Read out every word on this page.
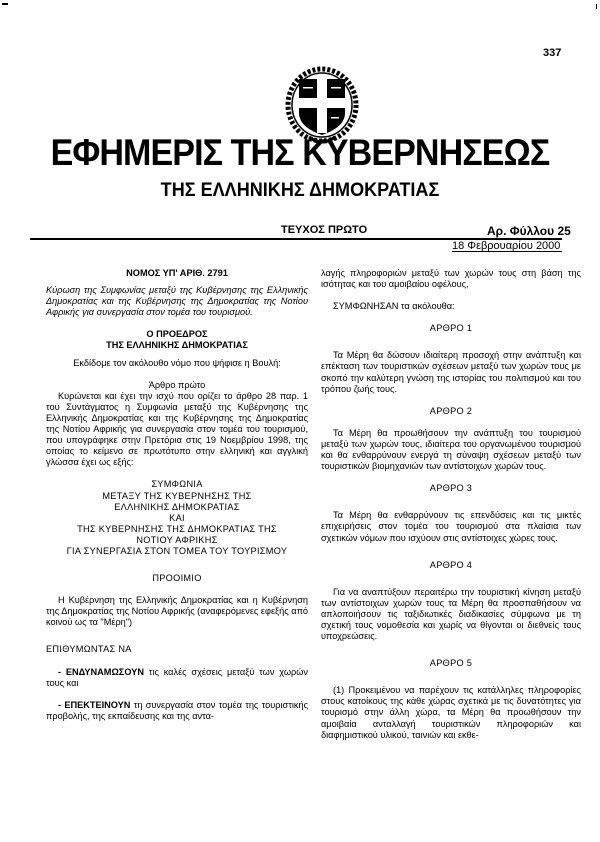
337
ΕΦΗΜΕΡΙΣ ΤΗΣ ΚΥΒΕΡΝΗΣΕΩΣ
ΤΗΣ ΕΛΛΗΝΙΚΗΣ ΔΗΜΟΚΡΑΤΙΑΣ
ΤΕΥΧΟΣ ΠΡΩΤΟ	Αρ. Φύλλου 25
18 Φεβρουαρίου 2000
ΝΟΜΟΣ ΥΠ' ΑΡΙΘ. 2791
Κύρωση της Συμφωνίας μεταξύ της Κυβέρνησης της Ελληνικής Δημοκρατίας και της Κυβέρνησης της Δημοκρατίας της Νοτίου Αφρικής για συνεργασία στον τομέα του τουρισμού.
Ο ΠΡΟΕΔΡΟΣ
ΤΗΣ ΕΛΛΗΝΙΚΗΣ ΔΗΜΟΚΡΑΤΙΑΣ
Εκδίδομε τον ακόλουθο νόμο που ψήφισε η Βουλή:
Άρθρο πρώτο
Κυρώνεται και έχει την ισχύ που ορίζει το άρθρο 28 παρ. 1 του Συντάγματος η Συμφωνία μεταξύ της Κυβέρνησης της Ελληνικής Δημοκρατίας και της Κυβέρνησης της Δημοκρατίας της Νοτίου Αφρικής για συνεργασία στον τομέα του τουρισμού, που υπογράφηκε στην Πρετόρια στις 19 Νοεμβρίου 1998, της οποίας το κείμενο σε πρωτότυπο στην ελληνική και αγγλική γλώσσα έχει ως εξής:
ΣΥΜΦΩΝΙΑ
ΜΕΤΑΞΥ ΤΗΣ ΚΥΒΕΡΝΗΣΗΣ ΤΗΣ
ΕΛΛΗΝΙΚΗΣ ΔΗΜΟΚΡΑΤΙΑΣ
ΚΑΙ
ΤΗΣ ΚΥΒΕΡΝΗΣΗΣ ΤΗΣ ΔΗΜΟΚΡΑΤΙΑΣ ΤΗΣ
ΝΟΤΙΟΥ ΑΦΡΙΚΗΣ
ΓΙΑ ΣΥΝΕΡΓΑΣΙΑ ΣΤΟΝ ΤΟΜΕΑ ΤΟΥ ΤΟΥΡΙΣΜΟΥ
ΠΡΟΟΙΜΙΟ
Η Κυβέρνηση της Ελληνικής Δημοκρατίας και η Κυβέρνηση της Δημοκρατίας της Νοτίου Αφρικής (αναφερόμενες εφεξής από κοινού ως τα "Μέρη")
ΕΠΙΘΥΜΩΝΤΑΣ ΝΑ
- ΕΝΔΥΝΑΜΩΣΟΥΝ τις καλές σχέσεις μεταξύ των χωρών τους και
- ΕΠΕΚΤΕΙΝΟΥΝ τη συνεργασία στον τομέα της τουριστικής προβολής, της εκπαίδευσης και της αντα-
λαγής πληροφοριών μεταξύ των χωρών τους στη βάση της ισότητας και του αμοιβαίου οφέλους,
ΣΥΜΦΩΝΗΣΑΝ τα ακόλουθα:
ΑΡΘΡΟ 1
Τα Μέρη θα δώσουν ιδιαίτερη προσοχή στην ανάπτυξη και επέκταση των τουριστικών σχέσεων μεταξύ των χωρών τους με σκοπό την καλύτερη γνώση της ιστορίας του πολιτισμού και του τρόπου ζωής τους.
ΑΡΘΡΟ 2
Τα Μέρη θα προωθήσουν την ανάπτυξη του τουρισμού μεταξύ των χωρών τους, ιδιαίτερα του οργανωμένου τουρισμού και θα ενθαρρύνουν ενεργά τη σύναψη σχέσεων μεταξύ των τουριστικών βιομηχανιών των αντίστοιχων χωρών τους.
ΑΡΘΡΟ 3
Τα Μέρη θα ενθαρρύνουν τις επενδύσεις και τις μικτές επιχειρήσεις στον τομέα του τουρισμού στα πλαίσια των σχετικών νόμων που ισχύουν στις αντίστοιχες χώρες τους.
ΑΡΘΡΟ 4
Για να αναπτύξουν περαιτέρω την τουριστική κίνηση μεταξύ των αντίστοιχων χωρών τους τα Μέρη θα προσπαθήσουν να απλοποιήσουν τις ταξιδιωτικές διαδικασίες σύμφωνα με τη σχετική τους νομοθεσία και χωρίς να θίγονται οι διεθνείς τους υποχρεώσεις.
ΑΡΘΡΟ 5
(1) Προκειμένου να παρέχουν τις κατάλληλες πληροφορίες στους κατοίκους της κάθε χώρας σχετικά με τις δυνατότητες για τουρισμό στην άλλη χώρα, τα Μέρη θα προωθήσουν την αμοιβαία ανταλλαγή τουριστικών πληροφοριών και διαφημιστικού υλικού, ταινιών και εκθε-
